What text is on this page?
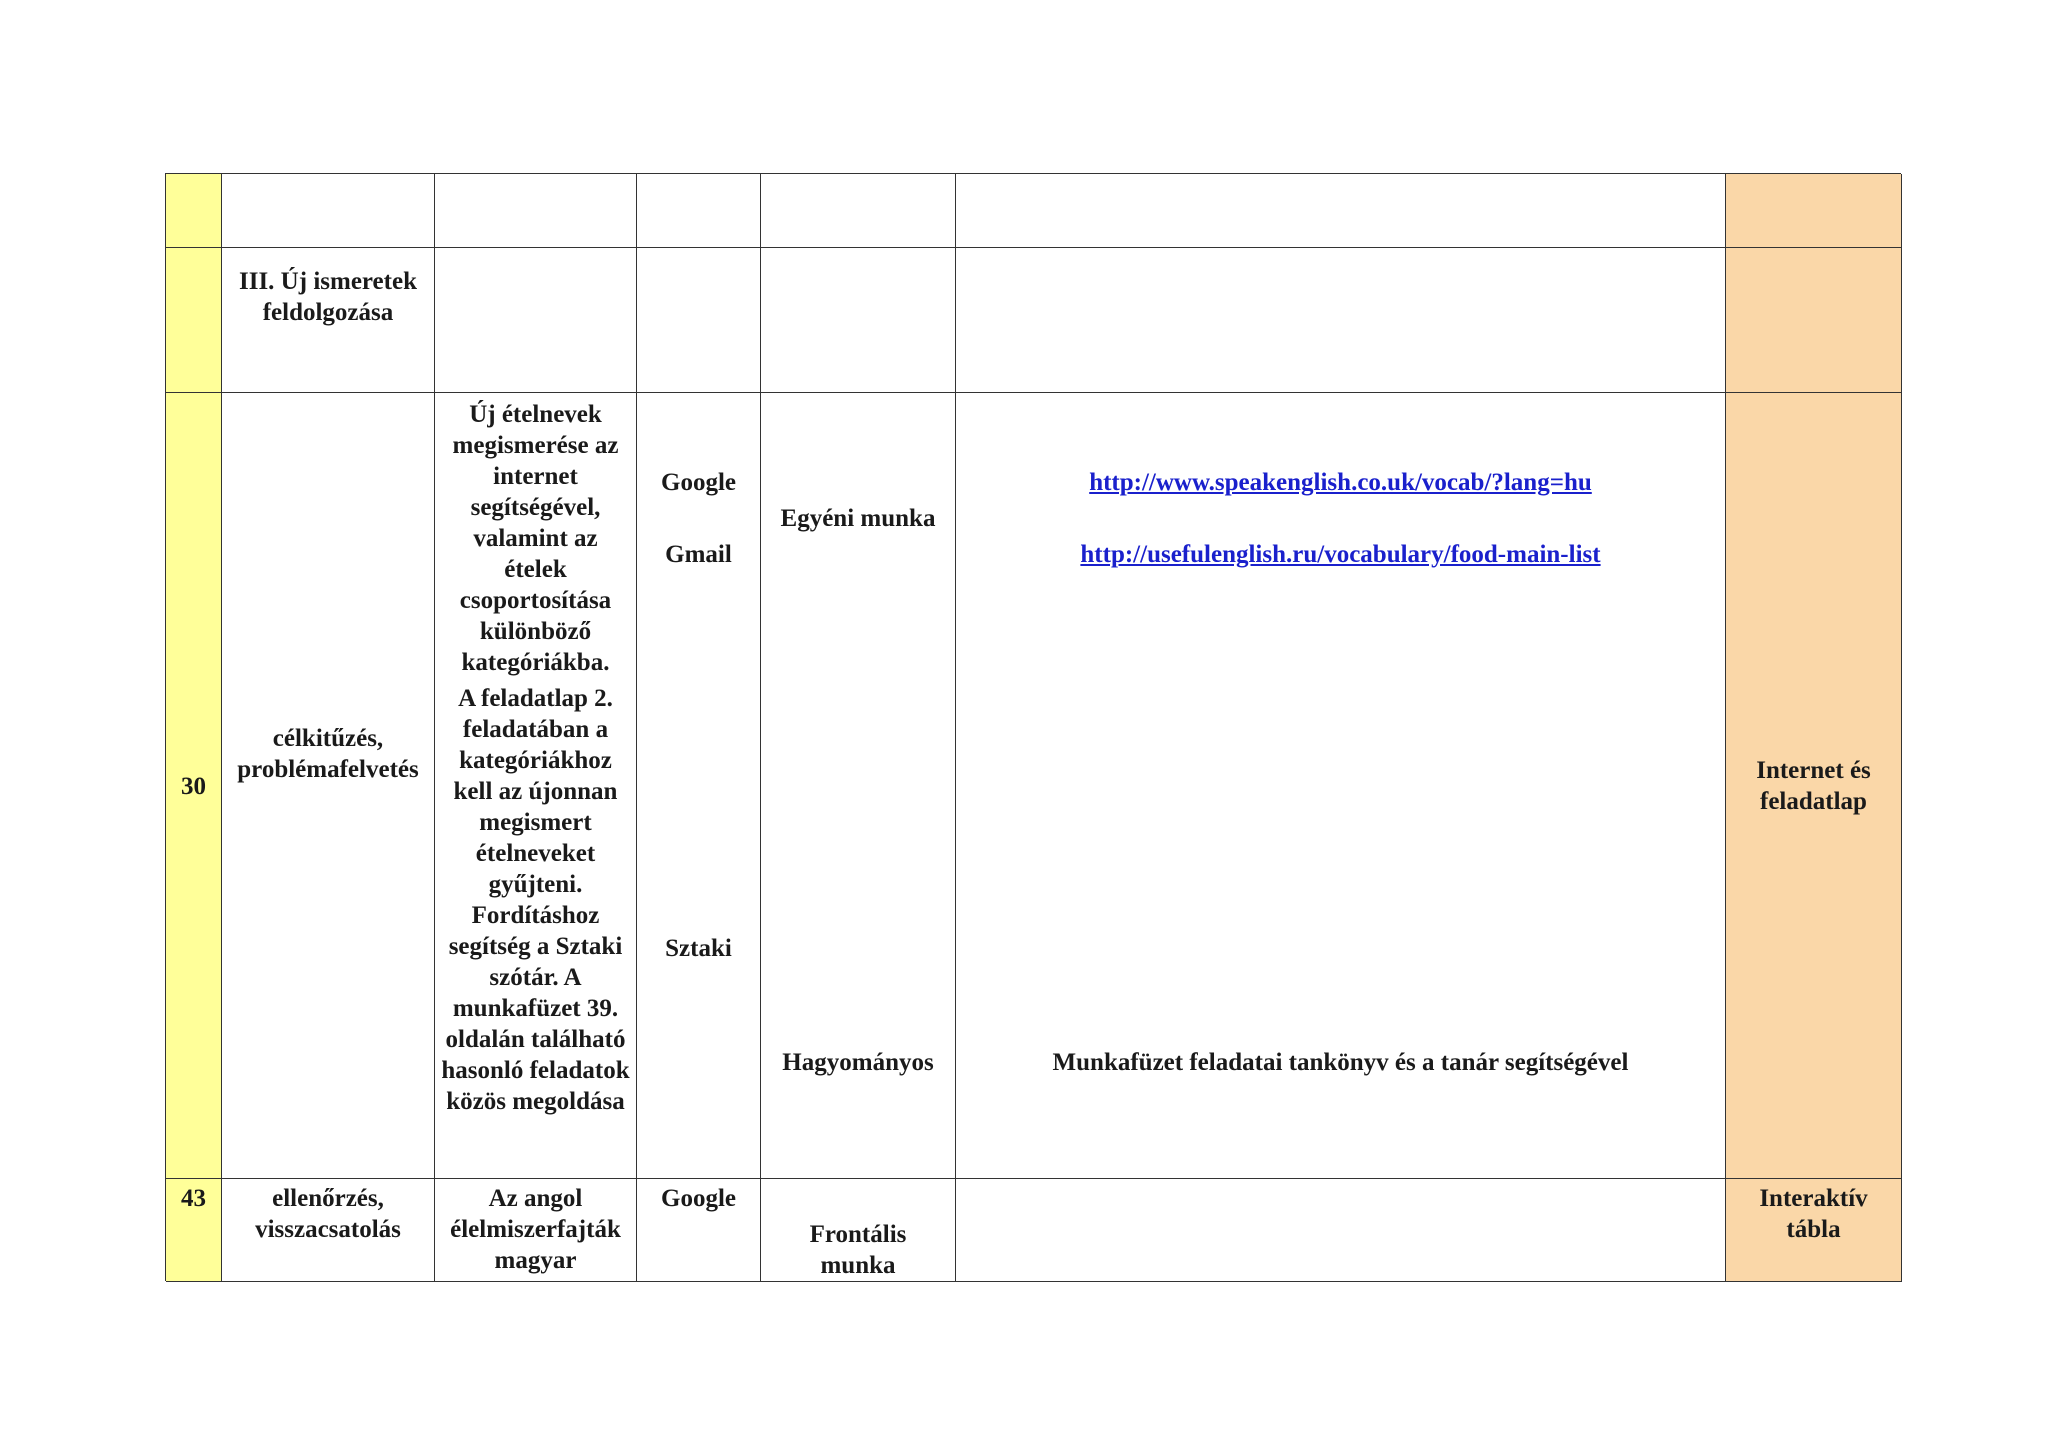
III. Új ismeretek feldolgozása
30
célkitűzés, problémafelvetés
Új ételnevek megismerése az internet segítségével, valamint az ételek csoportosítása különböző kategóriákba.
A feladatlap 2. feladatában a kategóriákhoz kell az újonnan megismert ételneveket gyűjteni. Fordításhoz segítség a Sztaki szótár. A munkafüzet 39. oldalán található hasonló feladatok közös megoldása
Google
Gmail
Sztaki
Egyéni munka
Hagyományos
http://www.speakenglish.co.uk/vocab/?lang=hu
http://usefulenglish.ru/vocabulary/food-main-list
Munkafüzet feladatai tankönyv és a tanár segítségével
Internet és feladatlap
43	ellenőrzés, visszacsatolás
Az angol élelmiszerfajták magyar
Google
Frontális munka
Interaktív tábla
